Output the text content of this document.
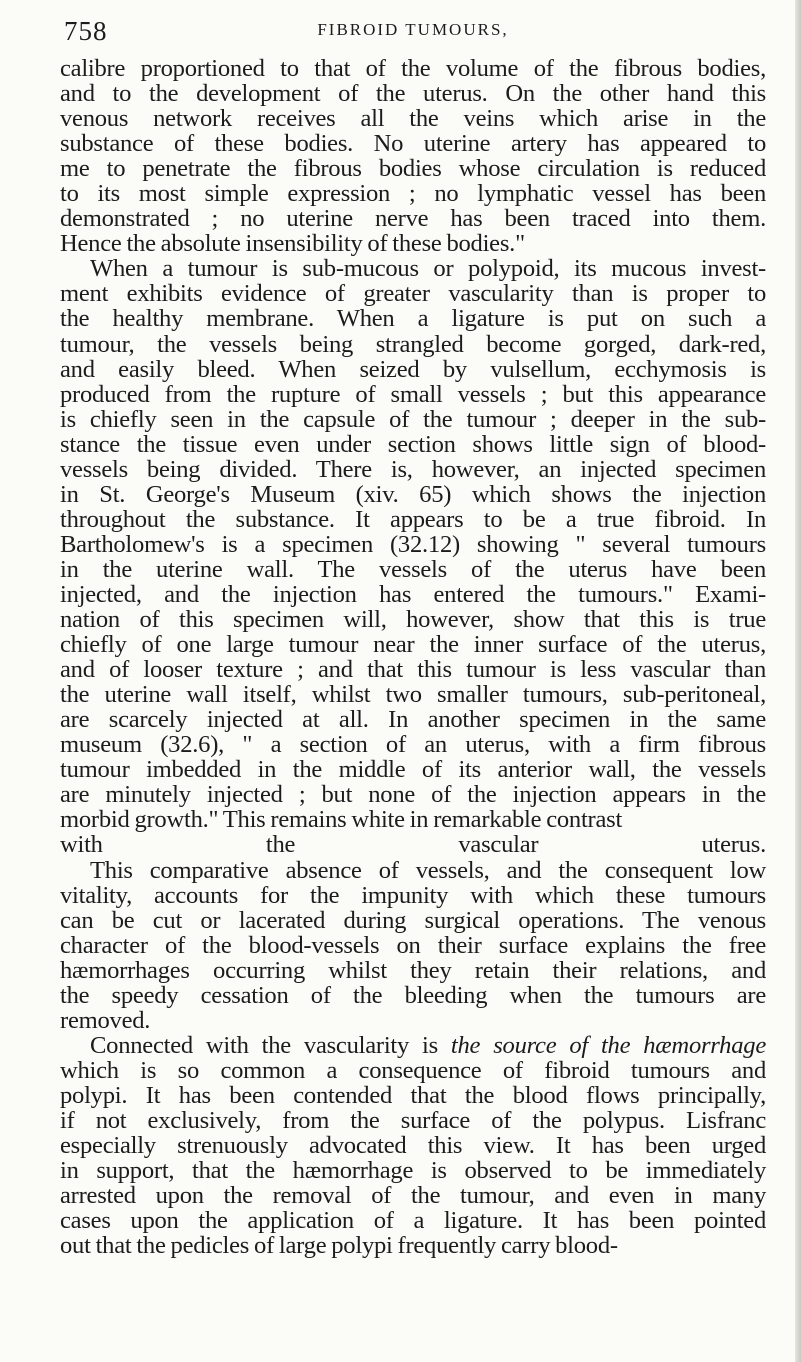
758	FIBROID TUMOURS,
calibre proportioned to that of the volume of the fibrous bodies,
and to the development of the uterus. On the other hand this
venous network receives all the veins which arise in the
substance of these bodies. No uterine artery has appeared to
me to penetrate the fibrous bodies whose circulation is reduced
to its most simple expression ; no lymphatic vessel has been
demonstrated ; no uterine nerve has been traced into them.
Hence the absolute insensibility of these bodies."
When a tumour is sub-mucous or polypoid, its mucous invest-
ment exhibits evidence of greater vascularity than is proper to
the healthy membrane. When a ligature is put on such a
tumour, the vessels being strangled become gorged, dark-red,
and easily bleed. When seized by vulsellum, ecchymosis is
produced from the rupture of small vessels ; but this appearance
is chiefly seen in the capsule of the tumour ; deeper in the sub-
stance the tissue even under section shows little sign of blood-
vessels being divided. There is, however, an injected specimen
in St. George's Museum (xiv. 65) which shows the injection
throughout the substance. It appears to be a true fibroid. In
Bartholomew's is a specimen (32.12) showing " several tumours
in the uterine wall. The vessels of the uterus have been
injected, and the injection has entered the tumours." Exami-
nation of this specimen will, however, show that this is true
chiefly of one large tumour near the inner surface of the uterus,
and of looser texture ; and that this tumour is less vascular than
the uterine wall itself, whilst two smaller tumours, sub-peritoneal,
are scarcely injected at all. In another specimen in the same
museum (32.6), " a section of an uterus, with a firm fibrous
tumour imbedded in the middle of its anterior wall, the vessels
are minutely injected ; but none of the injection appears in the
morbid growth." This remains white in remarkable contrast
with the vascular uterus.
This comparative absence of vessels, and the consequent low
vitality, accounts for the impunity with which these tumours
can be cut or lacerated during surgical operations. The venous
character of the blood-vessels on their surface explains the free
hæmorrhages occurring whilst they retain their relations, and
the speedy cessation of the bleeding when the tumours are
removed.
Connected with the vascularity is the source of the hæmorrhage
which is so common a consequence of fibroid tumours and
polypi. It has been contended that the blood flows principally,
if not exclusively, from the surface of the polypus. Lisfranc
especially strenuously advocated this view. It has been urged
in support, that the hæmorrhage is observed to be immediately
arrested upon the removal of the tumour, and even in many
cases upon the application of a ligature. It has been pointed
out that the pedicles of large polypi frequently carry blood-
